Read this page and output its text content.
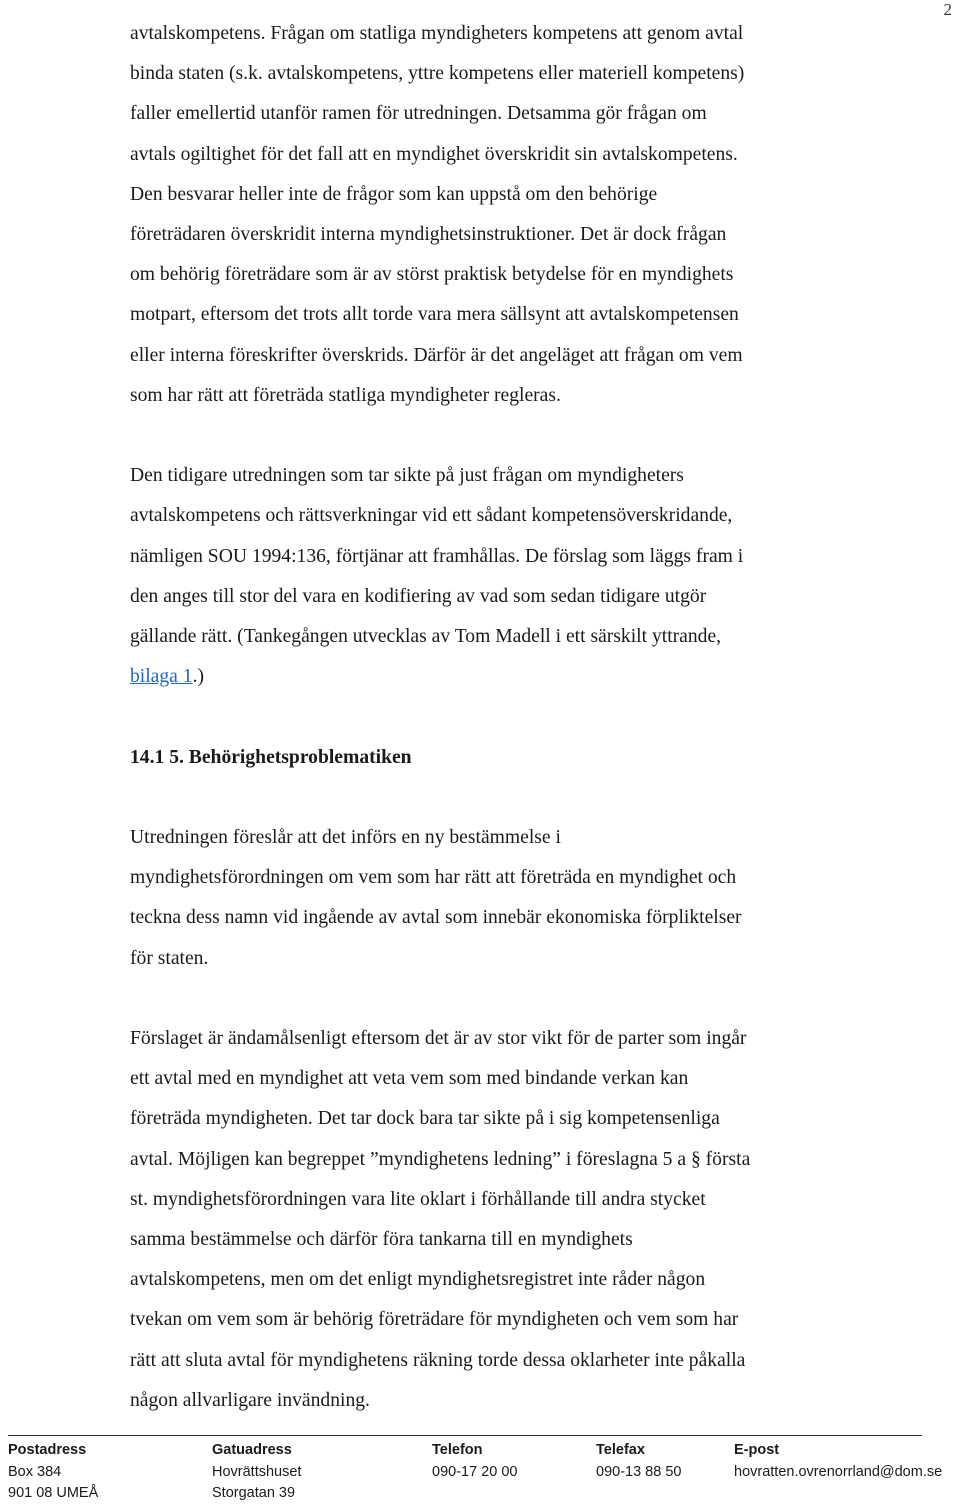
2
avtalskompetens. Frågan om statliga myndigheters kompetens att genom avtal
binda staten (s.k. avtalskompetens, yttre kompetens eller materiell kompetens)
faller emellertid utanför ramen för utredningen. Detsamma gör frågan om
avtals ogiltighet för det fall att en myndighet överskridit sin avtalskompetens.
Den besvarar heller inte de frågor som kan uppstå om den behörige
företrädaren överskridit interna myndighetsinstruktioner. Det är dock frågan
om behörig företrädare som är av störst praktisk betydelse för en myndighets
motpart, eftersom det trots allt torde vara mera sällsynt att avtalskompetensen
eller interna föreskrifter överskrids. Därför är det angeläget att frågan om vem
som har rätt att företräda statliga myndigheter regleras.
Den tidigare utredningen som tar sikte på just frågan om myndigheters
avtalskompetens och rättsverkningar vid ett sådant kompetensöverskridande,
nämligen SOU 1994:136, förtjänar att framhållas. De förslag som läggs fram i
den anges till stor del vara en kodifiering av vad som sedan tidigare utgör
gällande rätt. (Tankegången utvecklas av Tom Madell i ett särskilt yttrande,
bilaga 1.)
14.1 5. Behörighetsproblematiken
Utredningen föreslår att det införs en ny bestämmelse i
myndighetsförordningen om vem som har rätt att företräda en myndighet och
teckna dess namn vid ingående av avtal som innebär ekonomiska förpliktelser
för staten.
Förslaget är ändamålsenligt eftersom det är av stor vikt för de parter som ingår
ett avtal med en myndighet att veta vem som med bindande verkan kan
företräda myndigheten. Det tar dock bara tar sikte på i sig kompetensenliga
avtal. Möjligen kan begreppet ”myndighetens ledning” i föreslagna 5 a § första
st. myndighetsförordningen vara lite oklart i förhållande till andra stycket
samma bestämmelse och därför föra tankarna till en myndighets
avtalskompetens, men om det enligt myndighetsregistret inte råder någon
tvekan om vem som är behörig företrädare för myndigheten och vem som har
rätt att sluta avtal för myndighetens räkning torde dessa oklarheter inte påkalla
någon allvarligare invändning.
Postadress
Box 384
901 08 UMEÅ
Gatuadress
Hovrättshuset
Storgatan 39
Telefon
090-17 20 00
Telefax
090-13 88 50
E-post
hovratten.ovrenorrland@dom.se
